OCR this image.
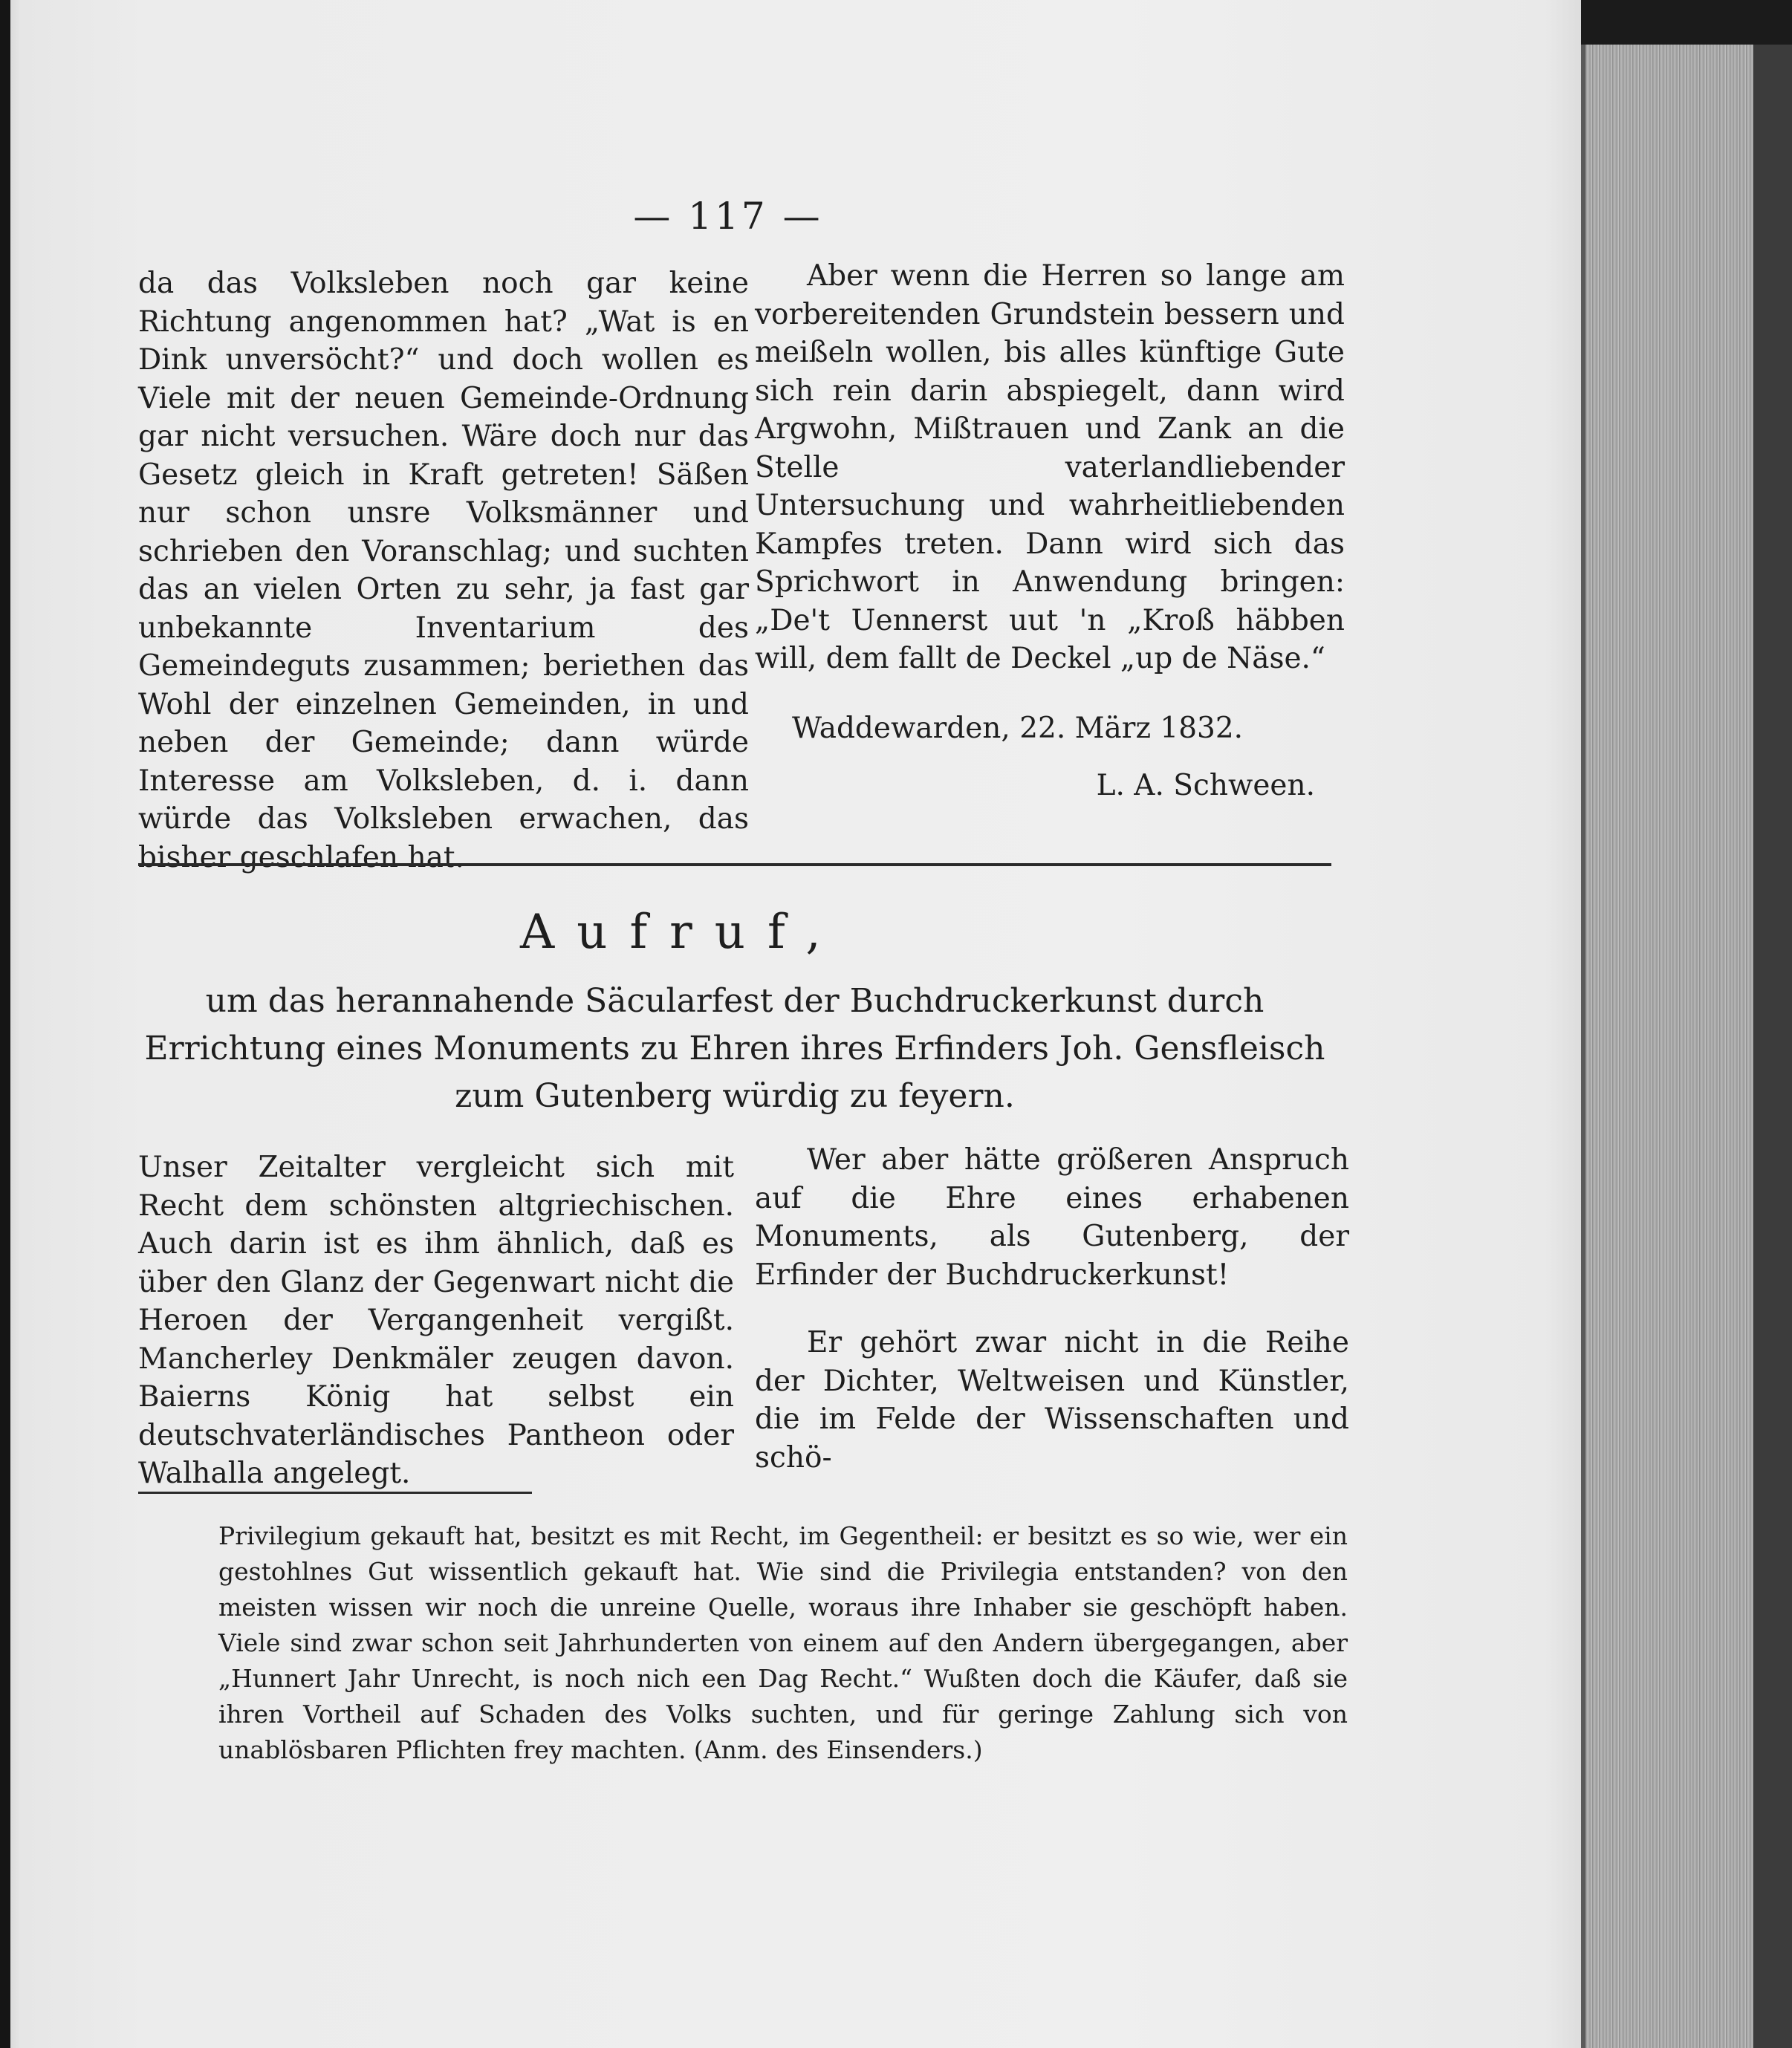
— 117 —

da das Volksleben noch gar keine Richtung angenommen hat? „Wat is en Dink unversöcht?“ und doch wollen es Viele mit der neuen Gemeinde-Ordnung gar nicht versuchen. Wäre doch nur das Gesetz gleich in Kraft getreten! Säßen nur schon unsre Volksmänner und schrieben den Voranschlag; und suchten das an vielen Orten zu sehr, ja fast gar unbekannte Inventarium des Gemeindeguts zusammen; beriethen das Wohl der einzelnen Gemeinden, in und neben der Gemeinde; dann würde Interesse am Volksleben, d. i. dann würde das Volksleben erwachen, das bisher geschlafen hat.

Aber wenn die Herren so lange am vorbereitenden Grundstein bessern und meißeln wollen, bis alles künftige Gute sich rein darin abspiegelt, dann wird Argwohn, Mißtrauen und Zank an die Stelle vaterlandliebender Untersuchung und wahrheitliebenden Kampfes treten. Dann wird sich das Sprichwort in Anwendung bringen: „De't Uennerst uut 'n „Kroß häbben will, dem fallt de Deckel „up de Näse.“

Waddewarden, 22. März 1832.

L. A. Schween.

Aufruf,
um das herannahende Säcularfest der Buchdruckerkunst durch Errichtung eines Monuments zu Ehren ihres Erfinders Joh. Gensfleisch zum Gutenberg würdig zu feyern.

Unser Zeitalter vergleicht sich mit Recht dem schönsten altgriechischen. Auch darin ist es ihm ähnlich, daß es über den Glanz der Gegenwart nicht die Heroen der Vergangenheit vergißt. Mancherley Denkmäler zeugen davon. Baierns König hat selbst ein deutschvaterländisches Pantheon oder Walhalla angelegt.

Wer aber hätte größeren Anspruch auf die Ehre eines erhabenen Monuments, als Gutenberg, der Erfinder der Buchdruckerkunst!

Er gehört zwar nicht in die Reihe der Dichter, Weltweisen und Künstler, die im Felde der Wissenschaften und schö-

Privilegium gekauft hat, besitzt es mit Recht, im Gegentheil: er besitzt es so wie, wer ein gestohlnes Gut wissentlich gekauft hat. Wie sind die Privilegia entstanden? von den meisten wissen wir noch die unreine Quelle, woraus ihre Inhaber sie geschöpft haben. Viele sind zwar schon seit Jahrhunderten von einem auf den Andern übergegangen, aber „Hunnert Jahr Unrecht, is noch nich een Dag Recht.“ Wußten doch die Käufer, daß sie ihren Vortheil auf Schaden des Volks suchten, und für geringe Zahlung sich von unablösbaren Pflichten frey machten. (Anm. des Einsenders.)
